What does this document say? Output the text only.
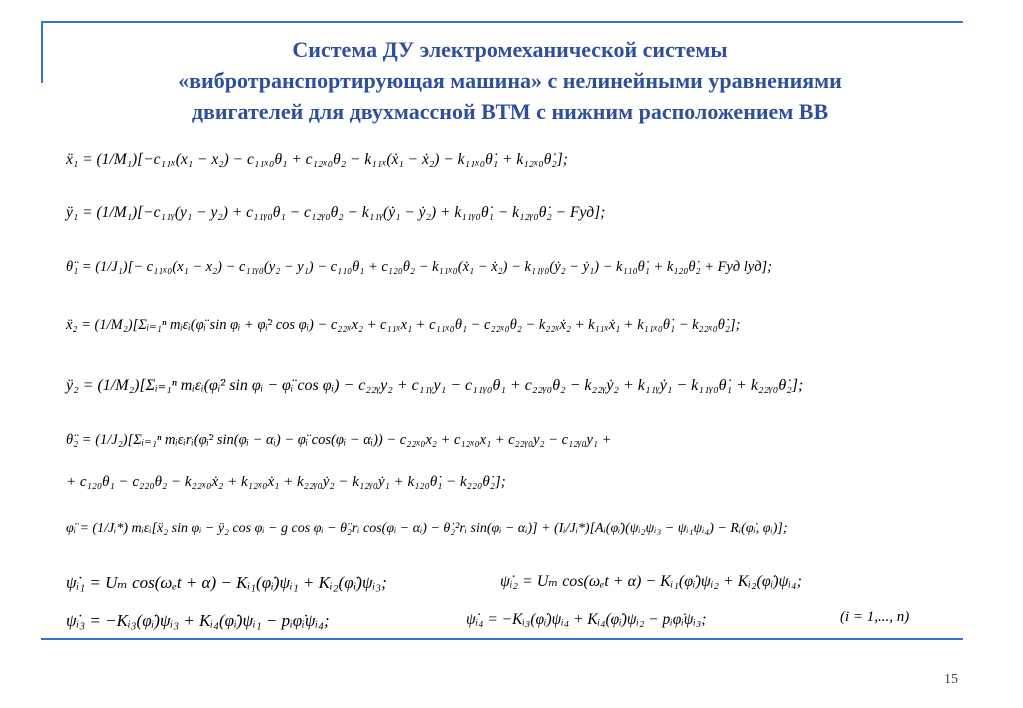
Система ДУ электромеханической системы
«вибротранспортирующая машина» с нелинейными уравнениями
двигателей для двухмассной ВТМ с нижним расположением ВВ
ẍ₁ = (1/M₁)[−c₁₁ₓ(x₁ − x₂) − c₁₁ₓ₀θ₁ + c₁₂ₓ₀θ₂ − k₁₁ₓ(ẋ₁ − ẋ₂) − k₁₁ₓ₀θ̇₁ + k₁₂ₓ₀θ̇₂];
ÿ₁ = (1/M₁)[−c₁₁ᵧ(y₁ − y₂) + c₁₁ᵧ₀θ₁ − c₁₂ᵧ₀θ₂ − k₁₁ᵧ(ẏ₁ − ẏ₂) + k₁₁ᵧ₀θ̇₁ − k₁₂ᵧ₀θ̇₂ − Fуд];
θ̈₁ = (1/J₁)[− c₁₁ₓ₀(x₁ − x₂) − c₁₁ᵧ₀(y₂ − y₁) − c₁₁₀θ₁ + c₁₂₀θ₂ − k₁₁ₓ₀(ẋ₁ − ẋ₂) − k₁₁ᵧ₀(ẏ₂ − ẏ₁) − k₁₁₀θ̇₁ + k₁₂₀θ̇₂ + Fуд lуд];
ẍ₂ = (1/M₂)[Σᵢ₌₁ⁿ mᵢεᵢ(φ̈ᵢ sin φᵢ + φ̇ᵢ² cos φᵢ) − c₂₂ₓx₂ + c₁₁ₓx₁ + c₁₁ₓ₀θ₁ − c₂₂ₓ₀θ₂ − k₂₂ₓẋ₂ + k₁₁ₓẋ₁ + k₁₁ₓ₀θ̇₁ − k₂₂ₓ₀θ̇₂];
ÿ₂ = (1/M₂)[Σᵢ₌₁ⁿ mᵢεᵢ(φ̇ᵢ² sin φᵢ − φ̈ᵢ cos φᵢ) − c₂₂ᵧy₂ + c₁₁ᵧy₁ − c₁₁ᵧ₀θ₁ + c₂₂ᵧ₀θ₂ − k₂₂ᵧẏ₂ + k₁₁ᵧẏ₁ − k₁₁ᵧ₀θ̇₁ + k₂₂ᵧ₀θ̇₂];
θ̈₂ = (1/J₂)[Σᵢ₌₁ⁿ mᵢεᵢrᵢ(φ̇ᵢ² sin(φᵢ − αᵢ) − φ̈ᵢ cos(φᵢ − αᵢ)) − c₂₂ₓ₀x₂ + c₁₂ₓ₀x₁ + c₂₂ᵧ₀y₂ − c₁₂ᵧ₀y₁ +
+ c₁₂₀θ₁ − c₂₂₀θ₂ − k₂₂ₓ₀ẋ₂ + k₁₂ₓ₀ẋ₁ + k₂₂ᵧ₀ẏ₂ − k₁₂ᵧ₀ẏ₁ + k₁₂₀θ̇₁ − k₂₂₀θ̇₂];
φ̈ᵢ = (1/Jᵢ*) mᵢεᵢ[ẍ₂ sin φᵢ − ÿ₂ cos φᵢ − g cos φᵢ − θ̈₂rᵢ cos(φᵢ − αᵢ) − θ̇₂²rᵢ sin(φᵢ − αᵢ)] + (Iᵢ/Jᵢ*)[Aᵢ(φ̇ᵢ)(ψᵢ₂ψᵢ₃ − ψᵢ₁ψᵢ₄) − Rᵢ(φ̇ᵢ, φᵢ)];
ψ̇ᵢ₁ = Uₘ cos(ωₑt + α) − Kᵢ₁(φ̇ᵢ)ψᵢ₁ + Kᵢ₂(φ̇ᵢ)ψᵢ₃;	ψ̇ᵢ₂ = Uₘ cos(ωₑt + α) − Kᵢ₁(φ̇ᵢ)ψᵢ₂ + Kᵢ₂(φ̇ᵢ)ψᵢ₄;
ψ̇ᵢ₃ = −Kᵢ₃(φ̇ᵢ)ψᵢ₃ + Kᵢ₄(φ̇ᵢ)ψᵢ₁ − pᵢφ̇ᵢψᵢ₄;	ψ̇ᵢ₄ = −Kᵢ₃(φ̇ᵢ)ψᵢ₄ + Kᵢ₄(φ̇ᵢ)ψᵢ₂ − pᵢφ̇ᵢψᵢ₃;	(i = 1,..., n)
15
